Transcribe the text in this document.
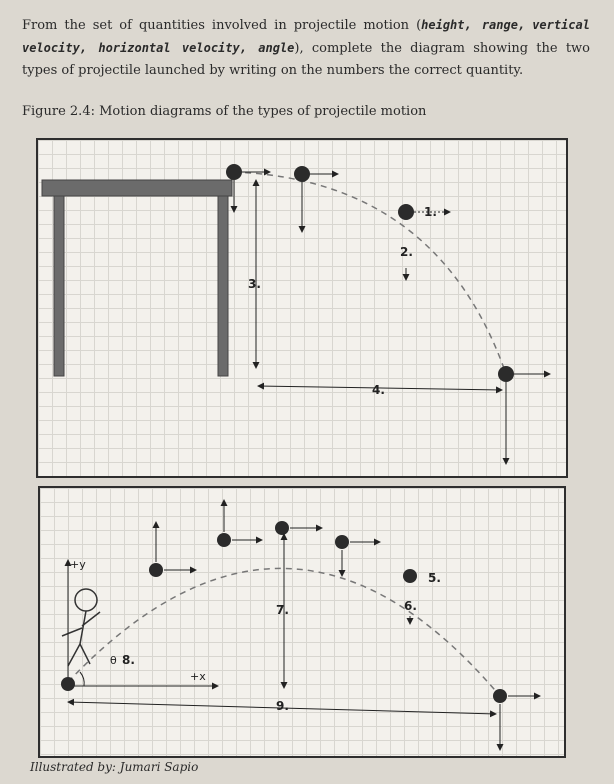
From the set of quantities involved in projectile motion (height, range, vertical velocity, horizontal velocity, angle), complete the diagram showing the two types of projectile launched by writing on the numbers the correct quantity.
Figure 2.4: Motion diagrams of the types of projectile motion
1.
2.
3.
4.
+y
+x
θ 8.
5.
6.
7.
9.
Illustrated by: Jumari Sapio
